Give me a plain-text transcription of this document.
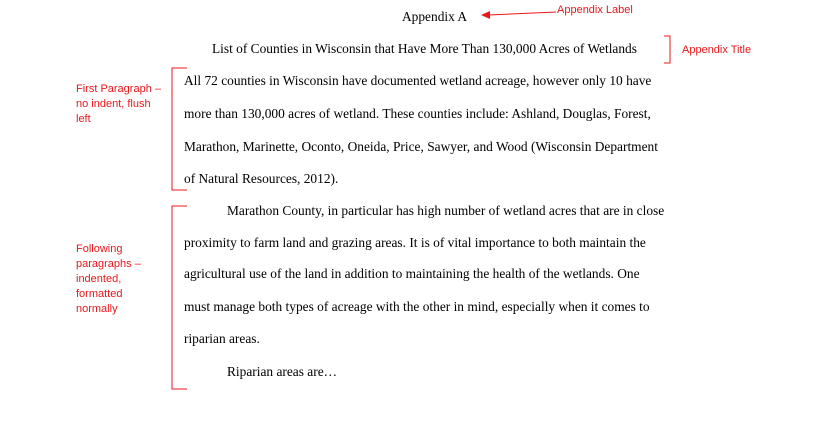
Appendix A
List of Counties in Wisconsin that Have More Than 130,000 Acres of Wetlands
All 72 counties in Wisconsin have documented wetland acreage, however only 10 have
more than 130,000 acres of wetland. These counties include: Ashland, Douglas, Forest,
Marathon, Marinette, Oconto, Oneida, Price, Sawyer, and Wood (Wisconsin Department
of Natural Resources, 2012).
Marathon County, in particular has high number of wetland acres that are in close
proximity to farm land and grazing areas. It is of vital importance to both maintain the
agricultural use of the land in addition to maintaining the health of the wetlands. One
must manage both types of acreage with the other in mind, especially when it comes to
riparian areas.
Riparian areas are…
Appendix Label
Appendix Title
First Paragraph – no indent, flush left
Following paragraphs – indented, formatted normally
